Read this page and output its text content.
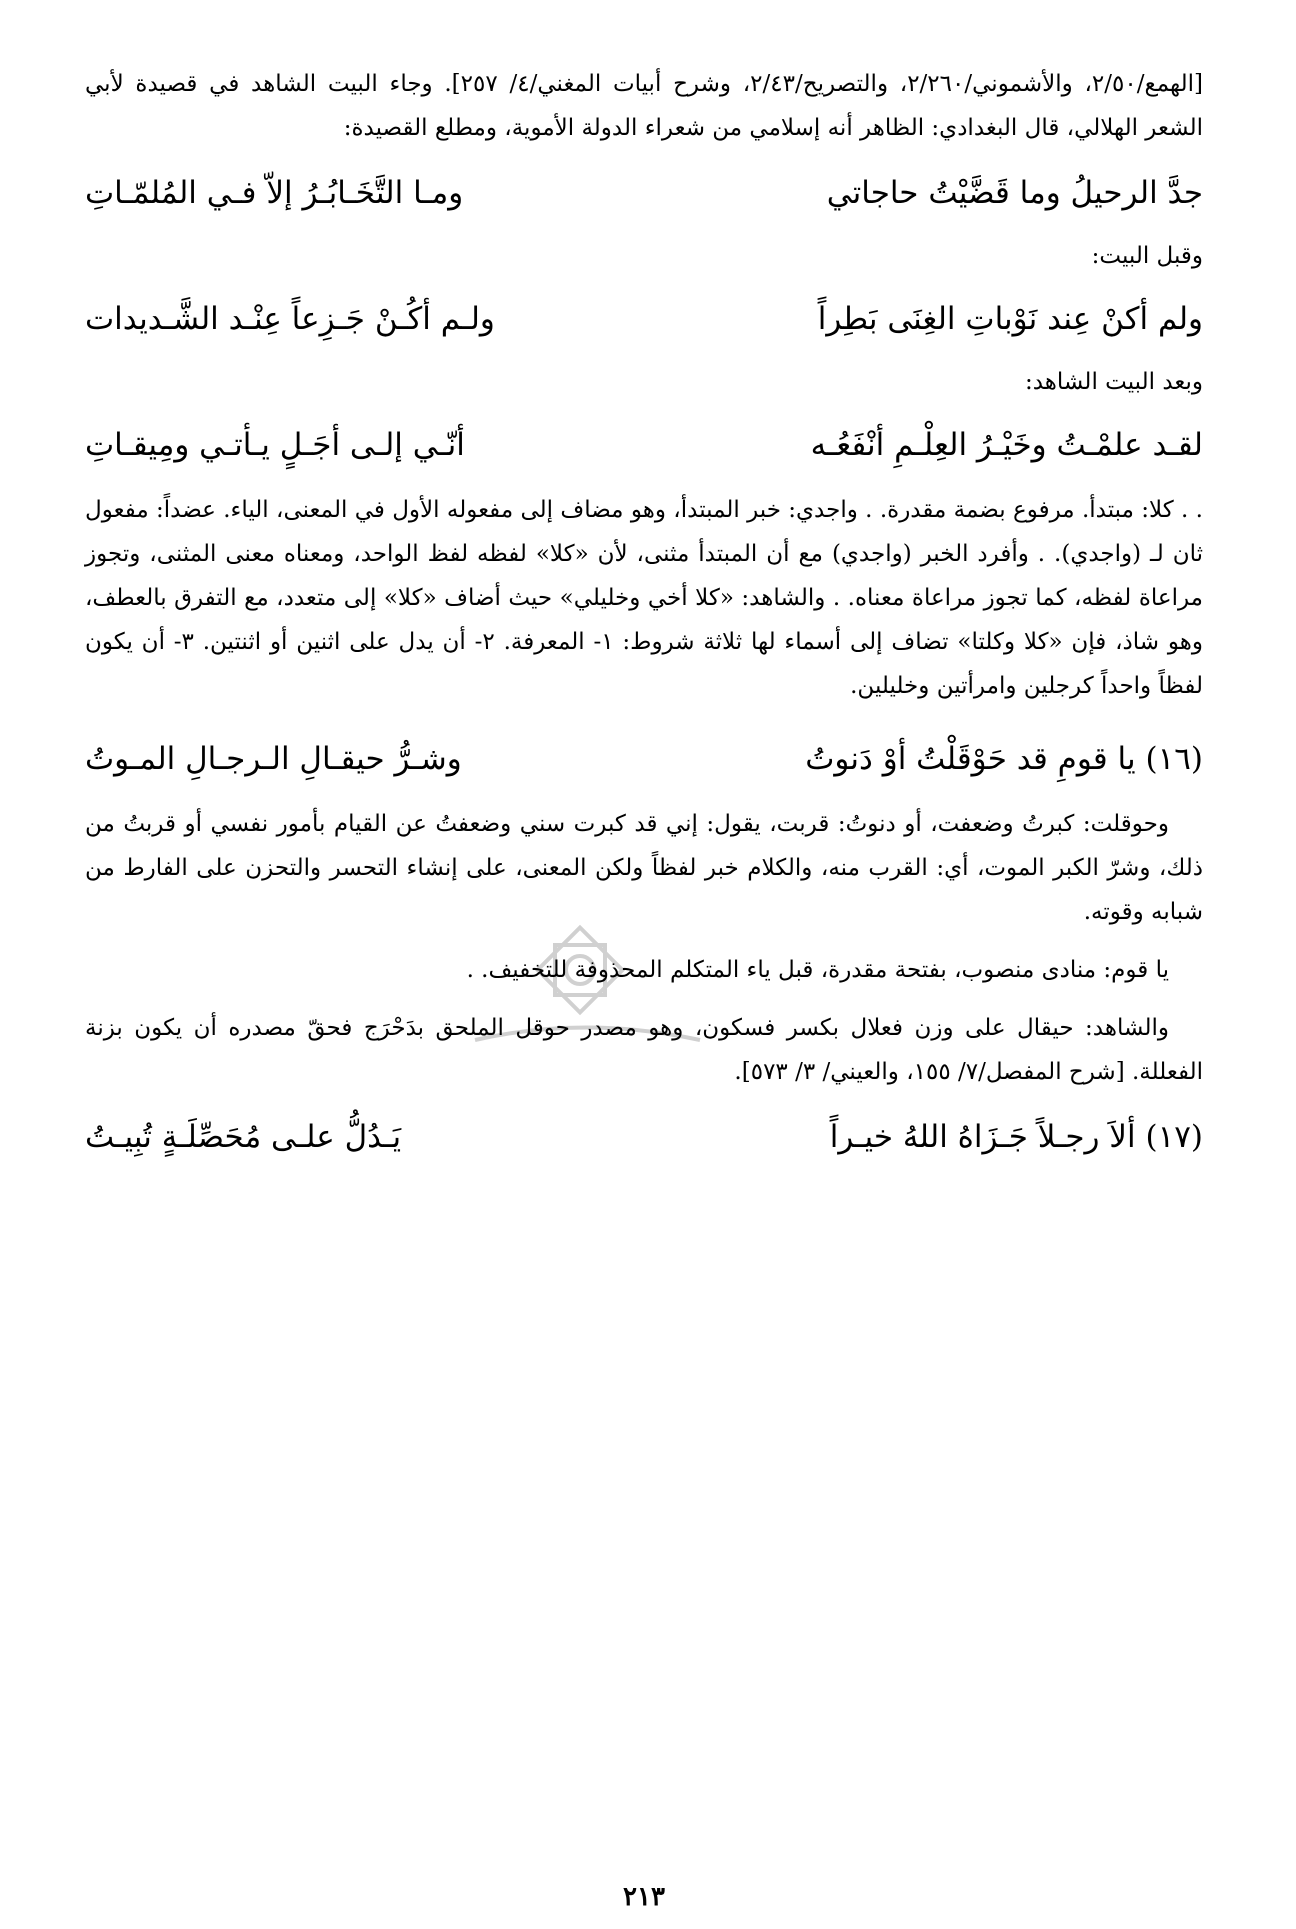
[الهمع/٢/٥٠، والأشموني/٢/٢٦٠، والتصريح/٢/٤٣، وشرح أبيات المغني/٤/ ٢٥٧]. وجاء البيت الشاهد في قصيدة لأبي الشعر الهلالي، قال البغدادي: الظاهر أنه إسلامي من شعراء الدولة الأموية، ومطلع القصيدة:

جدَّ الرحيلُ وما قَضَّيْتُ حاجاتي
ومـا التَّخَـابُـرُ إلاّ فـي المُلمّـاتِ

وقبل البيت:

ولم أكنْ عِند نَوْباتِ الغِنَى بَطِراً
ولـم أكُـنْ جَـزِعاً عِنْـد الشَّـديدات

وبعد البيت الشاهد:

لقـد علمْـتُ وخَيْـرُ العِلْـمِ أنْفَعُـه
أنّـي إلـى أجَـلٍ يـأتـي ومِيقـاتِ

. . كلا: مبتدأ. مرفوع بضمة مقدرة. . واجدي: خبر المبتدأ، وهو مضاف إلى مفعوله الأول في المعنى، الياء. عضداً: مفعول ثان لـ (واجدي). . وأفرد الخبر (واجدي) مع أن المبتدأ مثنى، لأن «كلا» لفظه لفظ الواحد، ومعناه معنى المثنى، وتجوز مراعاة لفظه، كما تجوز مراعاة معناه. . والشاهد: «كلا أخي وخليلي» حيث أضاف «كلا» إلى متعدد، مع التفرق بالعطف، وهو شاذ، فإن «كلا وكلتا» تضاف إلى أسماء لها ثلاثة شروط: ١- المعرفة. ٢- أن يدل على اثنين أو اثنتين. ٣- أن يكون لفظاً واحداً كرجلين وامرأتين وخليلين.

(١٦) يا قومِ قد حَوْقَلْتُ أوْ دَنوتُ
وشـرُّ حيقـالِ الـرجـالِ المـوتُ

وحوقلت: كبرتُ وضعفت، أو دنوتُ: قربت، يقول: إني قد كبرت سني وضعفتُ عن القيام بأمور نفسي أو قربتُ من ذلك، وشرّ الكبر الموت، أي: القرب منه، والكلام خبر لفظاً ولكن المعنى، على إنشاء التحسر والتحزن على الفارط من شبابه وقوته.

يا قوم: منادى منصوب، بفتحة مقدرة، قبل ياء المتكلم المحذوفة للتخفيف. .

والشاهد: حيقال على وزن فعلال بكسر فسكون، وهو مصدر حوقل الملحق بدَحْرَج فحقّ مصدره أن يكون بزنة الفعللة. [شرح المفصل/٧/ ١٥٥، والعيني/ ٣/ ٥٧٣].

(١٧) ألاَ رجـلاً جَـزَاهُ اللهُ خيـراً
يَـدُلُّ علـى مُحَصِّلَـةٍ تُبِيـتُ
٢١٣
